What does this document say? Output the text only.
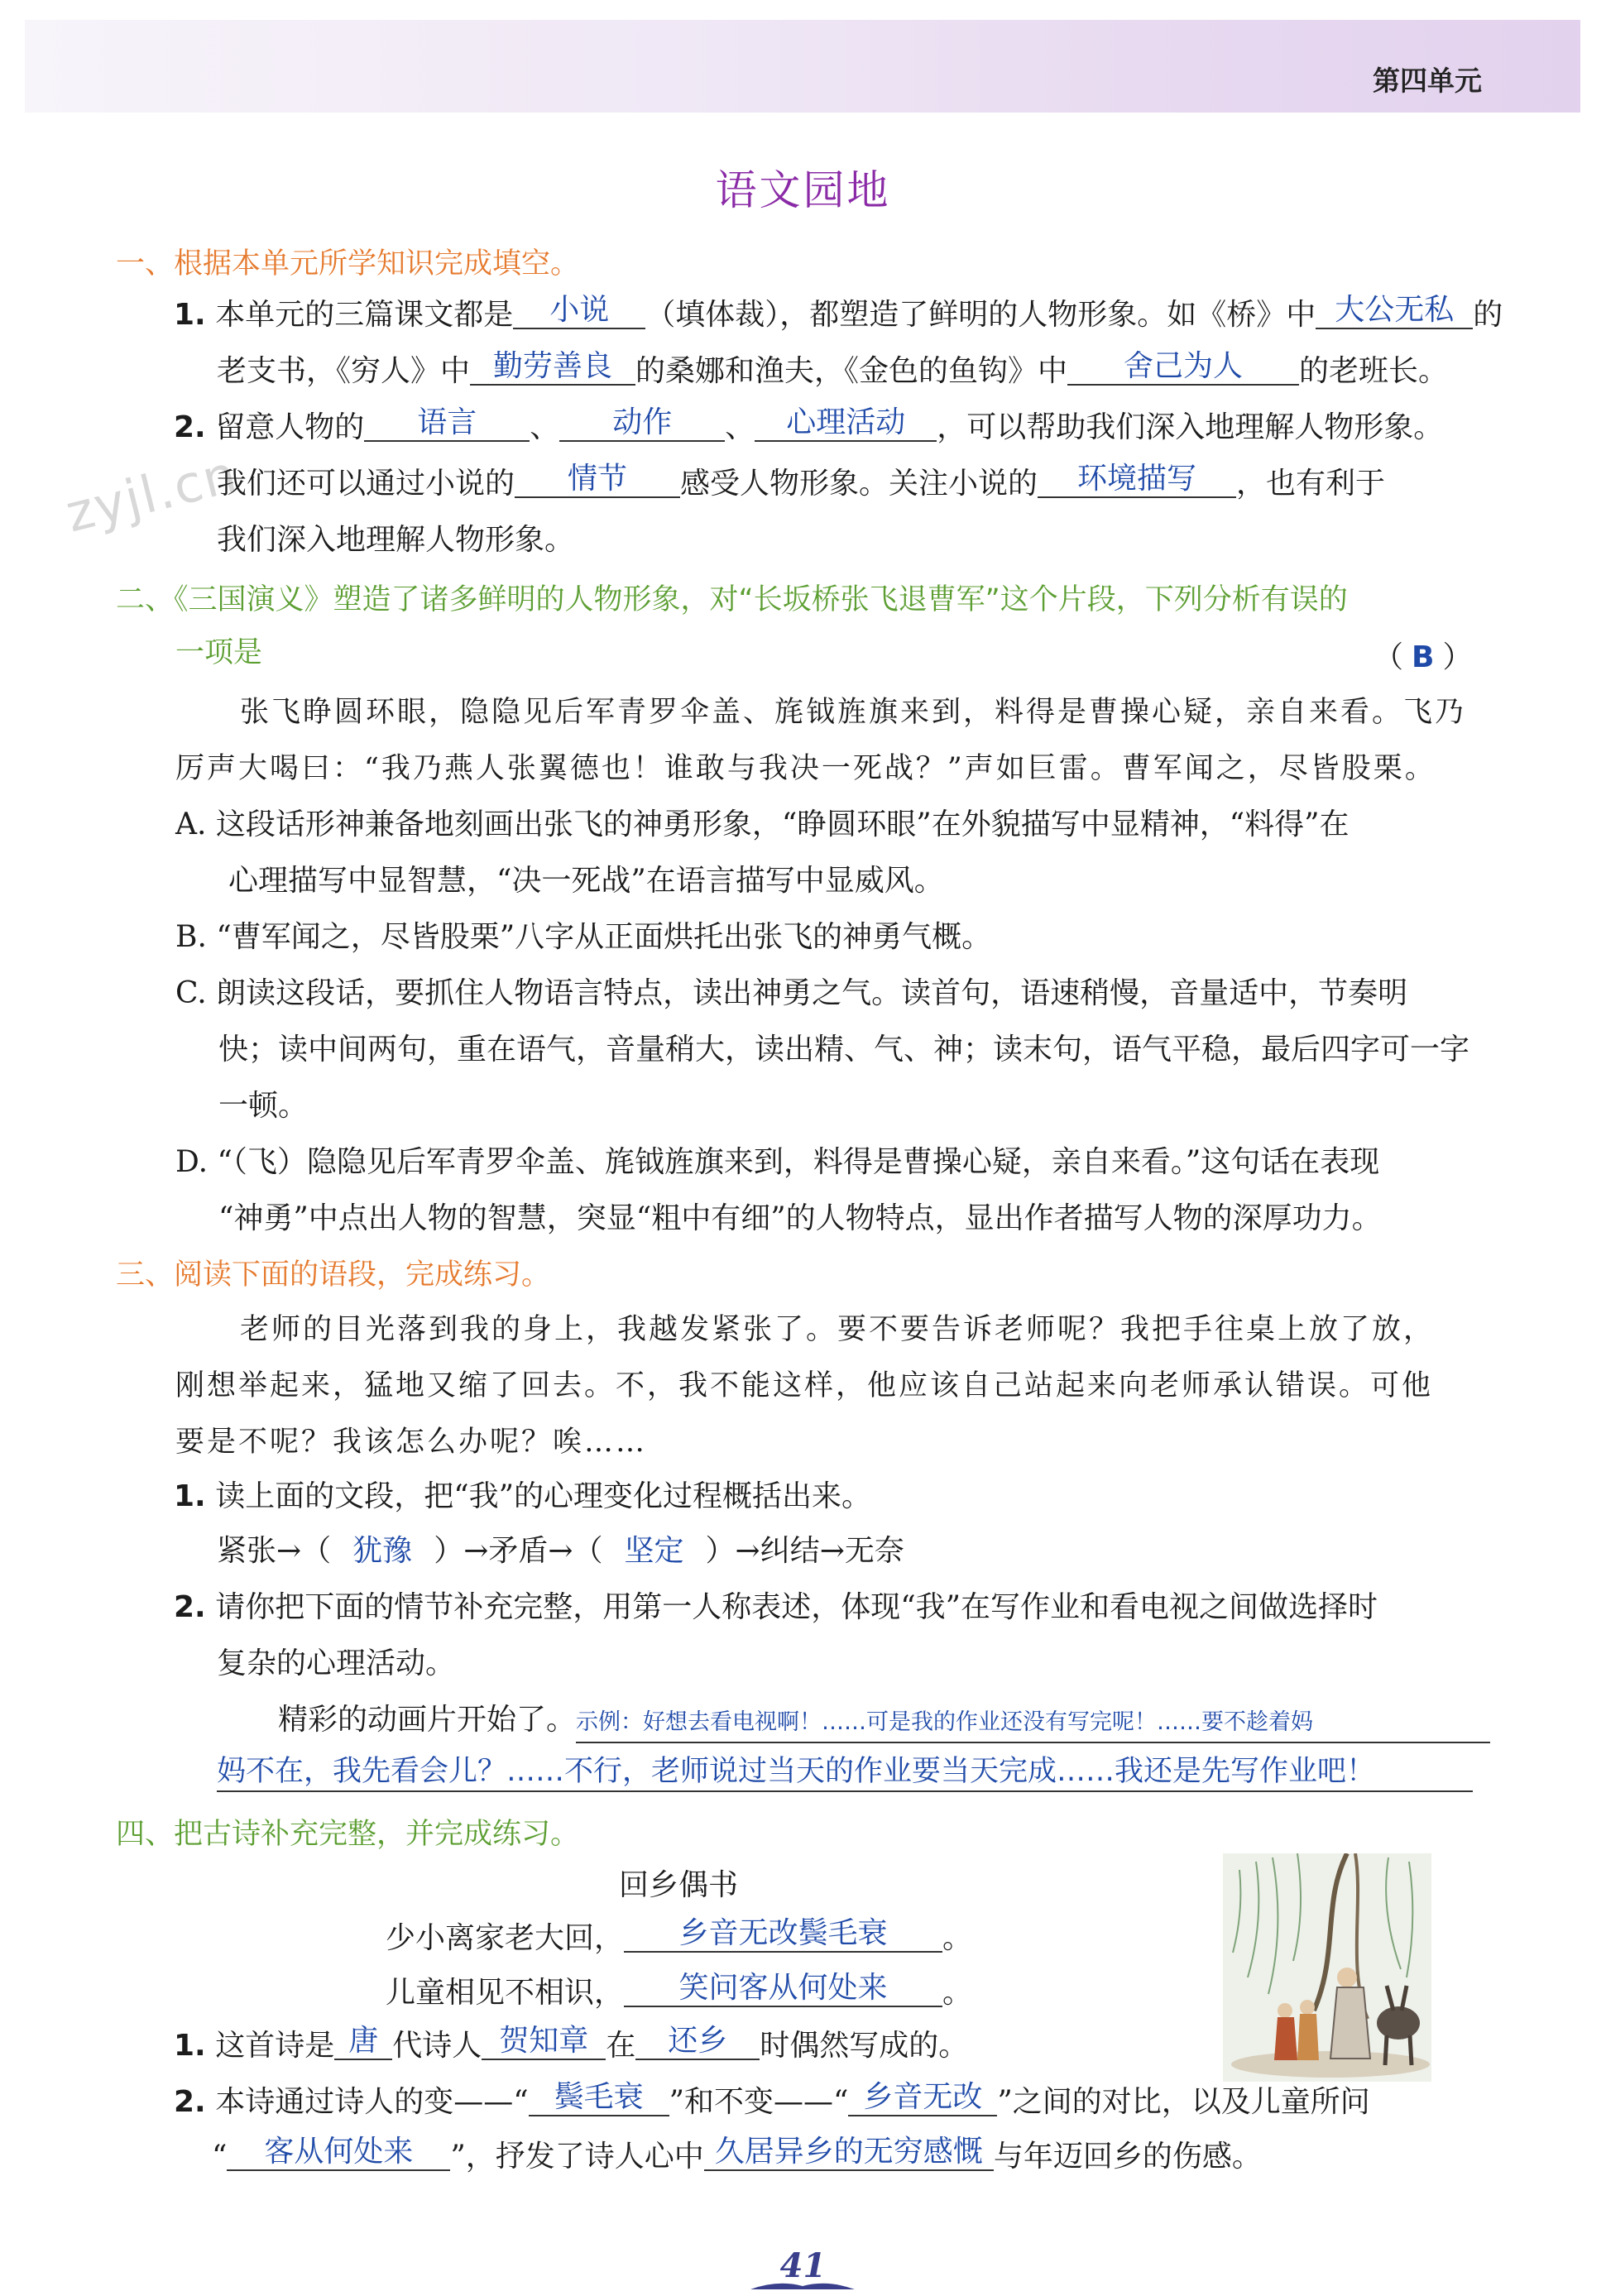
第四单元
语文园地
zyjl.cn
一、根据本单元所学知识完成填空。
1. 本单元的三篇课文都是 小说 （填体裁），都塑造了鲜明的人物形象。如《桥》中 大公无私 的
老支书，《穷人》中 勤劳善良 的桑娜和渔夫，《金色的鱼钩》中 舍己为人 的老班长。
2. 留意人物的 语言 、 动作 、 心理活动 ，可以帮助我们深入地理解人物形象。
我们还可以通过小说的 情节 感受人物形象。关注小说的 环境描写 ，也有利于
我们深入地理解人物形象。
二、《三国演义》塑造了诸多鲜明的人物形象，对“长坂桥张飞退曹军”这个片段，下列分析有误的
一项是	（ B ）
张飞睁圆环眼，隐隐见后军青罗伞盖、旄钺旌旗来到，料得是曹操心疑，亲自来看。飞乃
厉声大喝曰：“我乃燕人张翼德也！谁敢与我决一死战？”声如巨雷。曹军闻之，尽皆股栗。
A. 这段话形神兼备地刻画出张飞的神勇形象，“睁圆环眼”在外貌描写中显精神，“料得”在
心理描写中显智慧，“决一死战”在语言描写中显威风。
B. “曹军闻之，尽皆股栗”八字从正面烘托出张飞的神勇气概。
C. 朗读这段话，要抓住人物语言特点，读出神勇之气。读首句，语速稍慢，音量适中，节奏明
快；读中间两句，重在语气，音量稍大，读出精、气、神；读末句，语气平稳，最后四字可一字
一顿。
D. “（飞）隐隐见后军青罗伞盖、旄钺旌旗来到，料得是曹操心疑，亲自来看。”这句话在表现
“神勇”中点出人物的智慧，突显“粗中有细”的人物特点，显出作者描写人物的深厚功力。
三、阅读下面的语段，完成练习。
老师的目光落到我的身上，我越发紧张了。要不要告诉老师呢？我把手往桌上放了放，
刚想举起来，猛地又缩了回去。不，我不能这样，他应该自己站起来向老师承认错误。可他
要是不呢？我该怎么办呢？唉……
1. 读上面的文段，把“我”的心理变化过程概括出来。
紧张→（ 犹豫 ）→矛盾→（ 坚定 ）→纠结→无奈
2. 请你把下面的情节补充完整，用第一人称表述，体现“我”在写作业和看电视之间做选择时
复杂的心理活动。
精彩的动画片开始了。示例：好想去看电视啊！……可是我的作业还没有写完呢！……要不趁着妈
妈不在，我先看会儿？……不行，老师说过当天的作业要当天完成……我还是先写作业吧！
四、把古诗补充完整，并完成练习。
回乡偶书
少小离家老大回， 乡音无改鬓毛衰 。
儿童相见不相识， 笑问客从何处来 。
1. 这首诗是 唐 代诗人 贺知章 在 还乡 时偶然写成的。
2. 本诗通过诗人的变——“ 鬓毛衰 ”和不变——“ 乡音无改 ”之间的对比，以及儿童所问
“ 客从何处来 ”，抒发了诗人心中 久居异乡的无穷感慨 与年迈回乡的伤感。
41
